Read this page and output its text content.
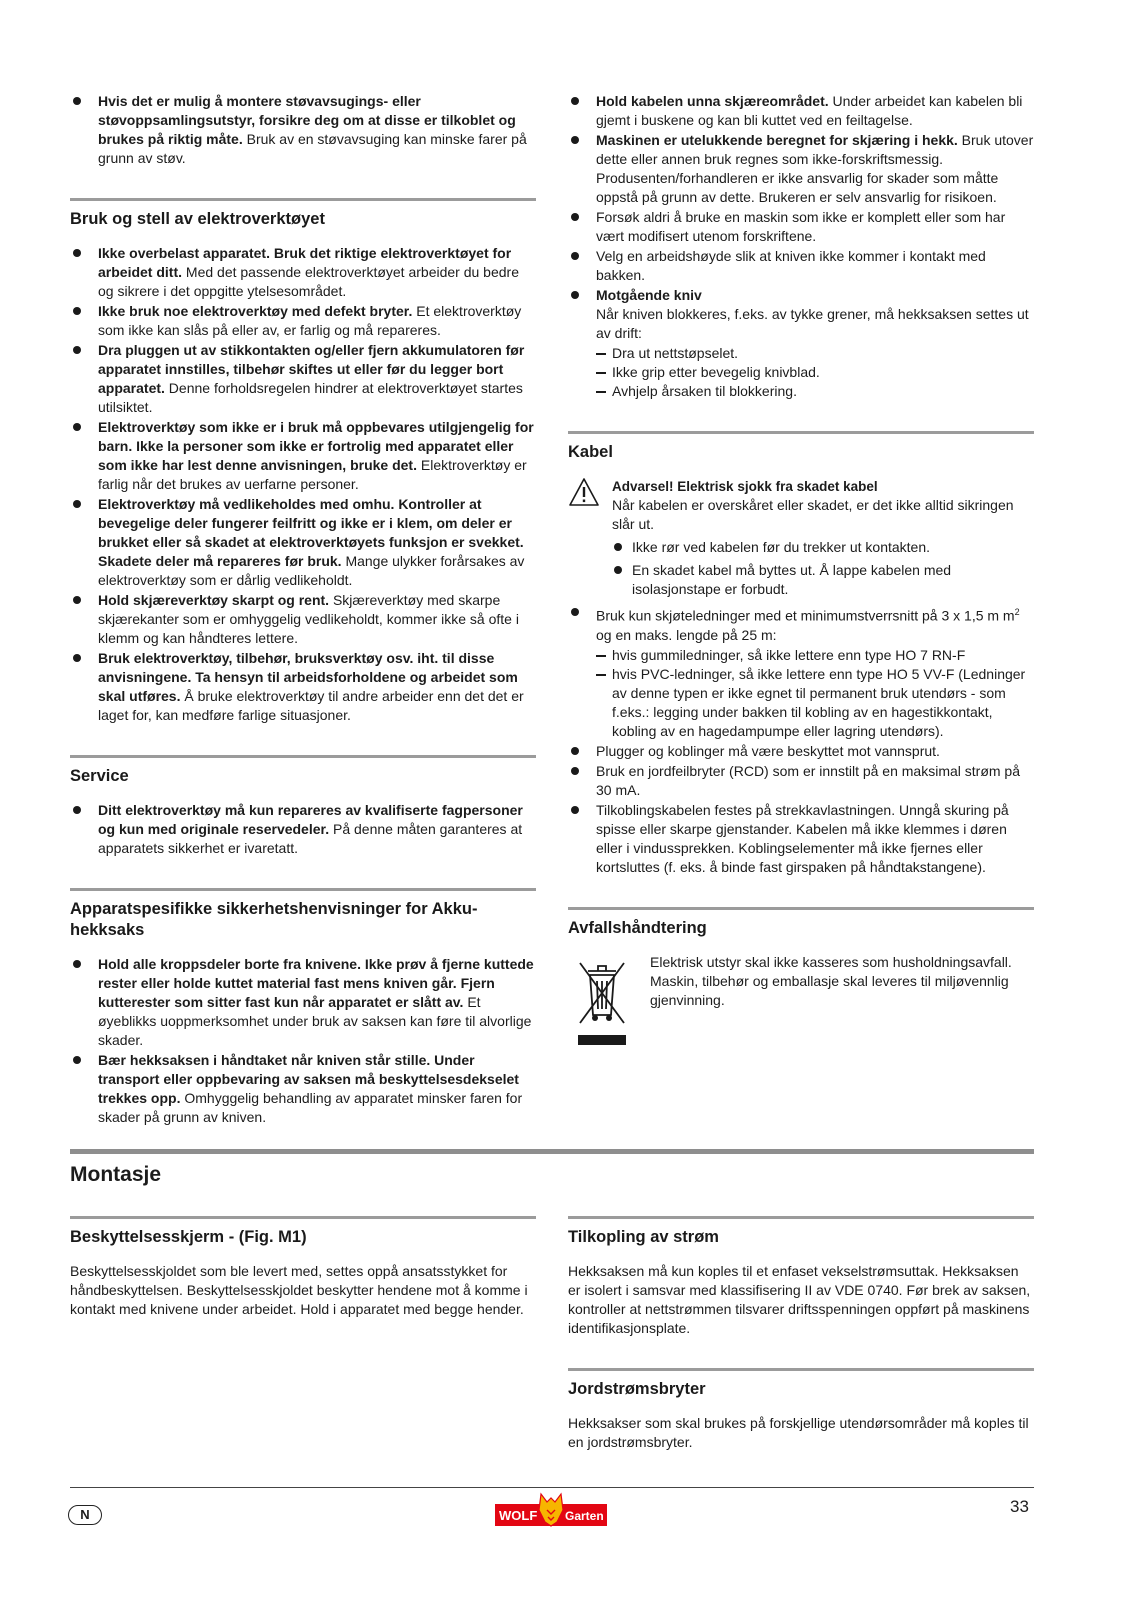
Hvis det er mulig å montere støvavsugings- eller støvoppsamlingsutstyr, forsikre deg om at disse er tilkoblet og brukes på riktig måte. Bruk av en støvavsuging kan minske farer på grunn av støv.
Bruk og stell av elektroverktøyet
Ikke overbelast apparatet. Bruk det riktige elektroverktøyet for arbeidet ditt. Med det passende elektroverktøyet arbeider du bedre og sikrere i det oppgitte ytelsesområdet.
Ikke bruk noe elektroverktøy med defekt bryter. Et elektroverktøy som ikke kan slås på eller av, er farlig og må repareres.
Dra pluggen ut av stikkontakten og/eller fjern akkumulatoren før apparatet innstilles, tilbehør skiftes ut eller før du legger bort apparatet. Denne forholdsregelen hindrer at elektroverktøyet startes utilsiktet.
Elektroverktøy som ikke er i bruk må oppbevares utilgjengelig for barn. Ikke la personer som ikke er fortrolig med apparatet eller som ikke har lest denne anvisningen, bruke det. Elektroverktøy er farlig når det brukes av uerfarne personer.
Elektroverktøy må vedlikeholdes med omhu. Kontroller at bevegelige deler fungerer feilfritt og ikke er i klem, om deler er brukket eller så skadet at elektroverktøyets funksjon er svekket. Skadete deler må repareres før bruk. Mange ulykker forårsakes av elektroverktøy som er dårlig vedlikeholdt.
Hold skjæreverktøy skarpt og rent. Skjæreverktøy med skarpe skjærekanter som er omhyggelig vedlikeholdt, kommer ikke så ofte i klemm og kan håndteres lettere.
Bruk elektroverktøy, tilbehør, bruksverktøy osv. iht. til disse anvisningene. Ta hensyn til arbeidsforholdene og arbeidet som skal utføres. Å bruke elektroverktøy til andre arbeider enn det det er laget for, kan medføre farlige situasjoner.
Service
Ditt elektroverktøy må kun repareres av kvalifiserte fagpersoner og kun med originale reservedeler. På denne måten garanteres at apparatets sikkerhet er ivaretatt.
Apparatspesifikke sikkerhetshenvisninger for Akku-hekksaks
Hold alle kroppsdeler borte fra knivene. Ikke prøv å fjerne kuttede rester eller holde kuttet material fast mens kniven går. Fjern kutterester som sitter fast kun når apparatet er slått av. Et øyeblikks uoppmerksomhet under bruk av saksen kan føre til alvorlige skader.
Bær hekksaksen i håndtaket når kniven står stille. Under transport eller oppbevaring av saksen må beskyttelsesdekselet trekkes opp. Omhyggelig behandling av apparatet minsker faren for skader på grunn av kniven.
Hold kabelen unna skjæreområdet. Under arbeidet kan kabelen bli gjemt i buskene og kan bli kuttet ved en feiltagelse.
Maskinen er utelukkende beregnet for skjæring i hekk. Bruk utover dette eller annen bruk regnes som ikke-forskriftsmessig. Produsenten/forhandleren er ikke ansvarlig for skader som måtte oppstå på grunn av dette. Brukeren er selv ansvarlig for risikoen.
Forsøk aldri å bruke en maskin som ikke er komplett eller som har vært modifisert utenom forskriftene.
Velg en arbeidshøyde slik at kniven ikke kommer i kontakt med bakken.
Motgående kniv
Når kniven blokkeres, f.eks. av tykke grener, må hekksaksen settes ut av drift:
Dra ut nettstøpselet.
Ikke grip etter bevegelig knivblad.
Avhjelp årsaken til blokkering.
Kabel
Advarsel! Elektrisk sjokk fra skadet kabel
Når kabelen er overskåret eller skadet, er det ikke alltid sikringen slår ut.
Ikke rør ved kabelen før du trekker ut kontakten.
En skadet kabel må byttes ut. Å lappe kabelen med isolasjonstape er forbudt.
Bruk kun skjøteledninger med et minimumstverrsnitt på 3 x 1,5 m $m^2$ og en maks. lengde på 25 m:
hvis gummiledninger, så ikke lettere enn type HO 7 RN-F
hvis PVC-ledninger, så ikke lettere enn type HO 5 VV-F (Ledninger av denne typen er ikke egnet til permanent bruk utendørs - som f.eks.: legging under bakken til kobling av en hagestikkontakt, kobling av en hagedampumpe eller lagring utendørs).
Plugger og koblinger må være beskyttet mot vannsprut.
Bruk en jordfeilbryter (RCD) som er innstilt på en maksimal strøm på 30 mA.
Tilkoblingskabelen festes på strekkavlastningen. Unngå skuring på spisse eller skarpe gjenstander. Kabelen må ikke klemmes i døren eller i vindussprekken. Koblingselementer må ikke fjernes eller kortsluttes (f. eks. å binde fast girspaken på håndtakstangene).
Avfallshåndtering
Elektrisk utstyr skal ikke kasseres som husholdningsavfall. Maskin, tilbehør og emballasje skal leveres til miljøvennlig gjenvinning.
Montasje
Beskyttelsesskjerm - (Fig. M1)
Beskyttelsesskjoldet som ble levert med, settes oppå ansatsstykket for håndbeskyttelsen. Beskyttelsesskjoldet beskytter hendene mot å komme i kontakt med knivene under arbeidet. Hold i apparatet med begge hender.
Tilkopling av strøm
Hekksaksen må kun koples til et enfaset vekselstrømsuttak. Hekksaksen er isolert i samsvar med klassifisering II av VDE 0740. Før brek av saksen, kontroller at nettstrømmen tilsvarer driftsspenningen oppført på maskinens identifikasjonsplate.
Jordstrømsbryter
Hekksakser som skal brukes på forskjellige utendørsområder må koples til en jordstrømsbryter.
N	WOLF Garten	33
